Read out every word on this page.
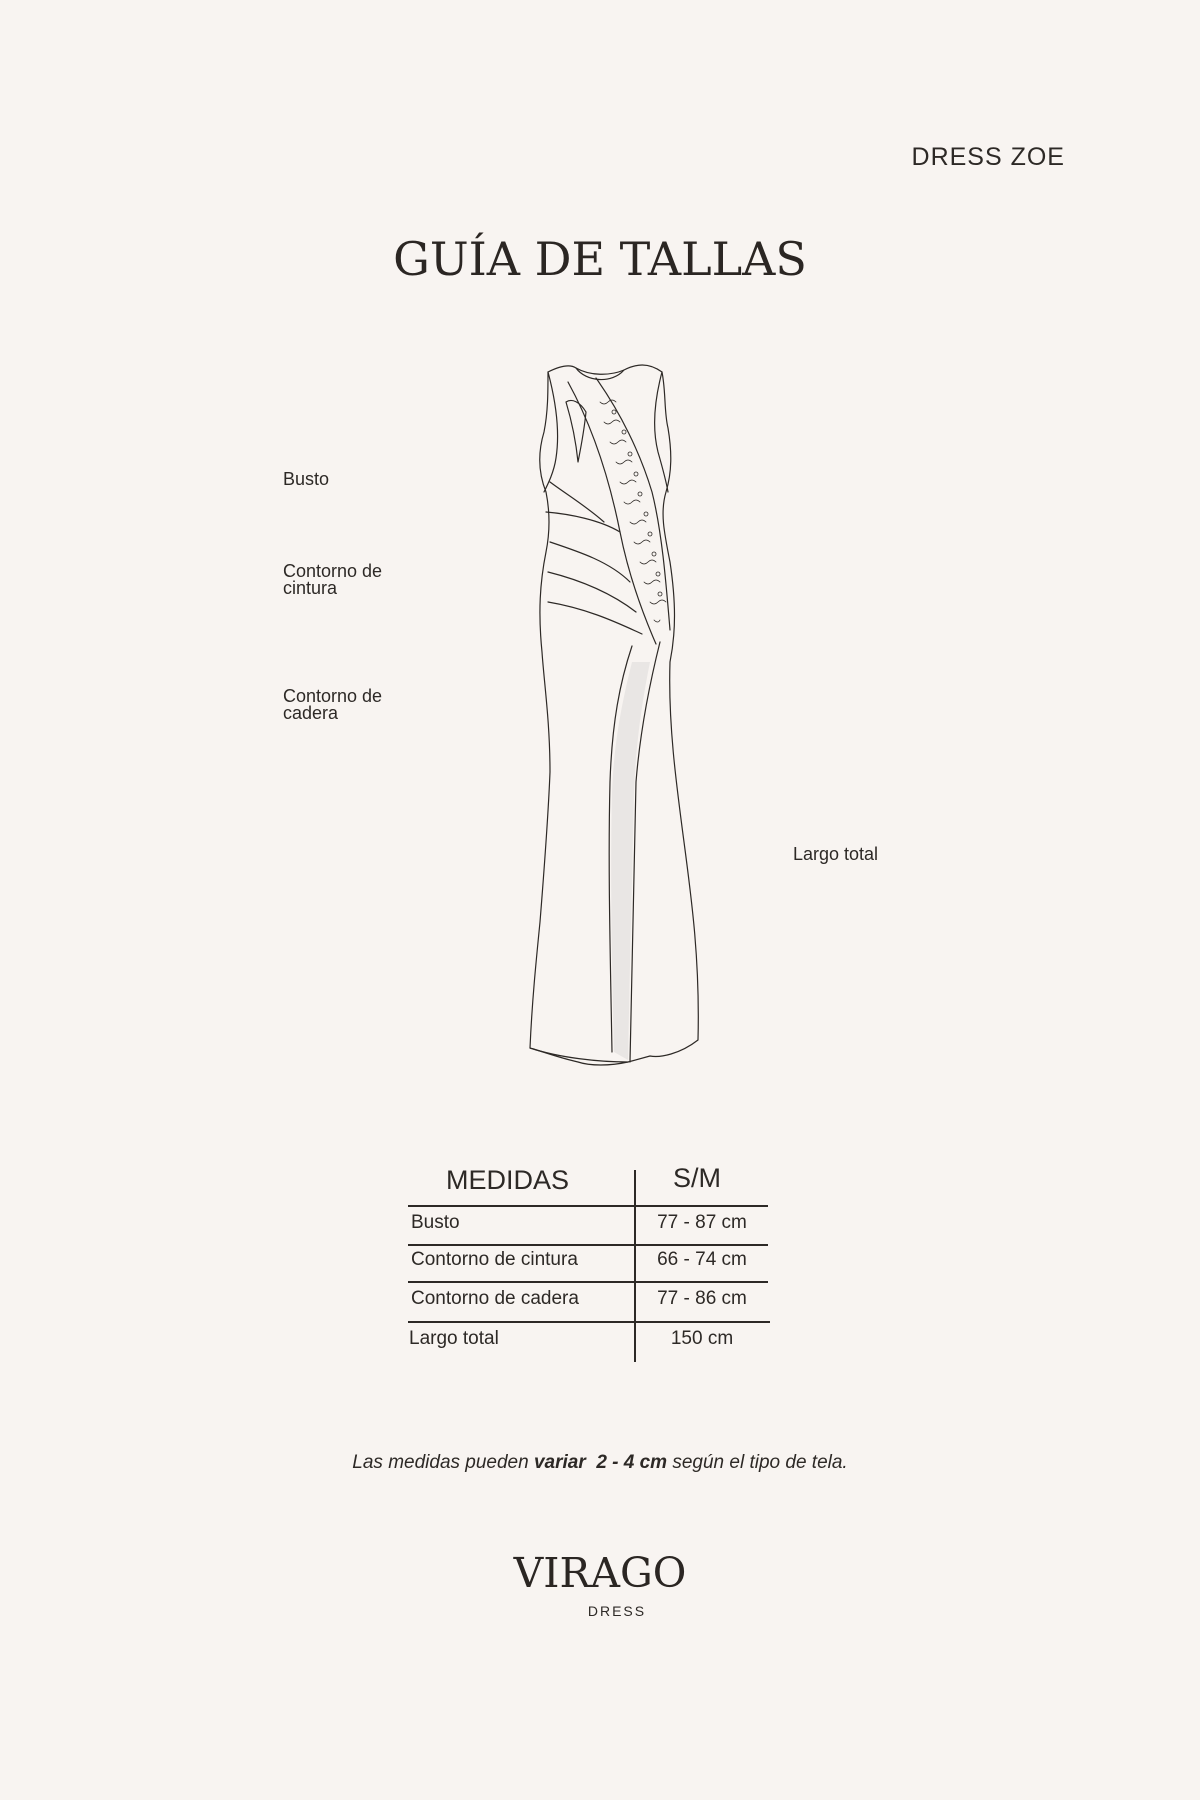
DRESS ZOE
GUÍA DE TALLAS
Busto
Contorno de
cintura
Contorno de
cadera
Largo total
MEDIDAS	S/M
Busto	77 - 87 cm
Contorno de cintura	66 - 74 cm
Contorno de cadera	77 - 86 cm
Largo total	150 cm
Las medidas pueden variar 2 - 4 cm según el tipo de tela.
VIRAGO
DRESS
